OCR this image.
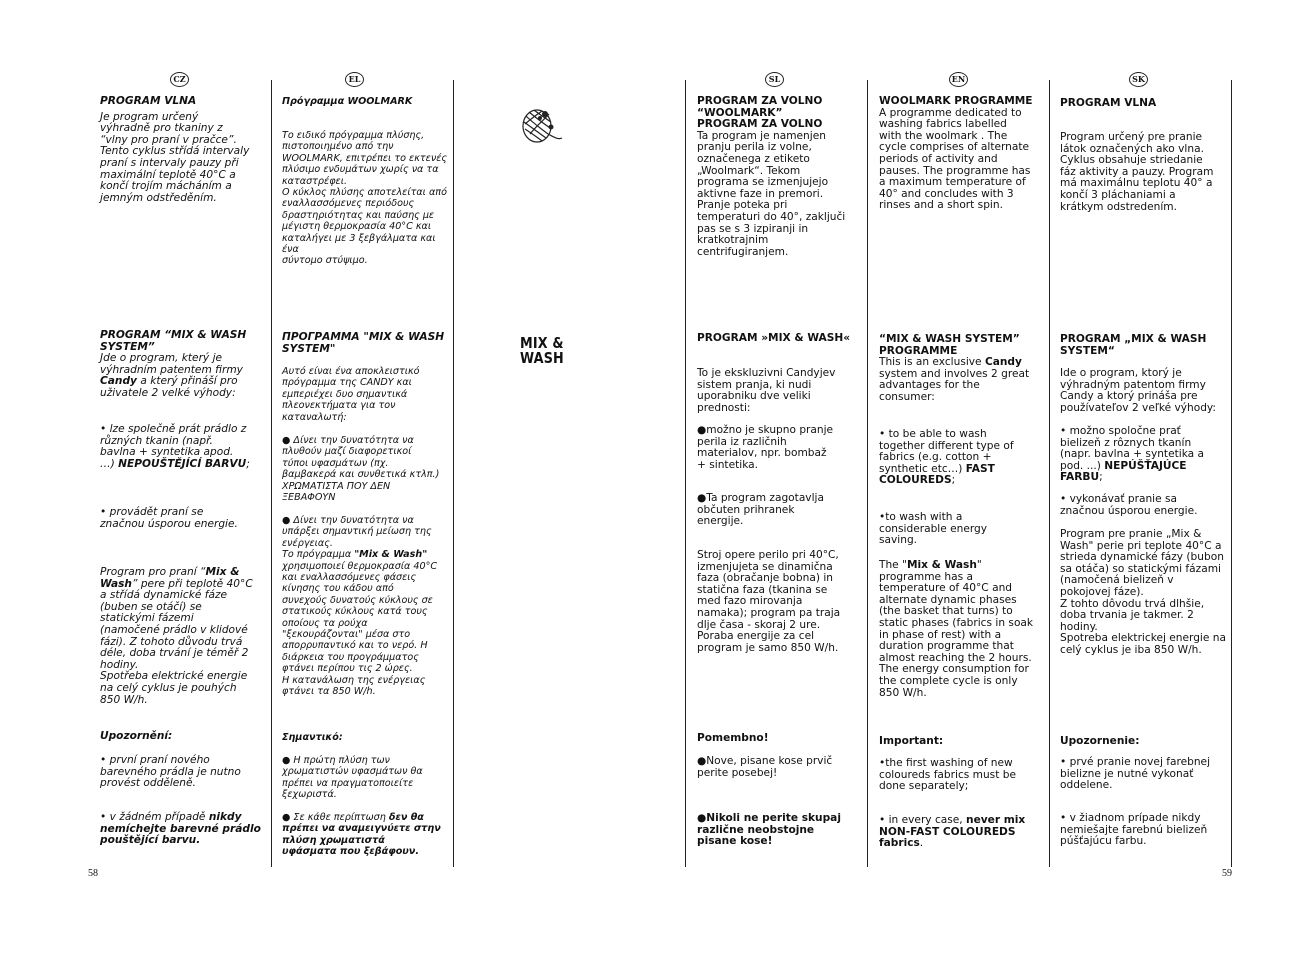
CZ	EL	SL	EN	SK
MIX &
WASH

PROGRAM VLNA

Je program určený
výhradně pro tkaniny z
“vlny pro praní v pračce”.
Tento cyklus střídá intervaly
praní s intervaly pauzy při
maximální teplotě 40°C a
končí trojím mácháním a
jemným odstředěním.

PROGRAM “MIX & WASH
SYSTEM”

Jde o program, který je
výhradním patentem firmy Candy a který přináší pro
uživatele 2 velké výhody:

• lze společně prát prádlo z
různých tkanin (např.
bavlna + syntetika apod.
…) NEPOUŠTĚJÍCÍ BARVU;

• provádět praní se
značnou úsporou energie.

Program pro praní “Mix &
Wash” pere při teplotě 40°C
a střídá dynamické fáze
(buben se otáčí) se
statickými fázemi
(namočené prádlo v klidové
fázi). Z tohoto důvodu trvá
déle, doba trvání je téměř 2
hodiny.
Spotřeba elektrické energie
na celý cyklus je pouhých
850 W/h.

Upozornění:

• první praní nového
barevného prádla je nutno
provést odděleně.

• v žádném případě nikdy
nemíchejte barevné prádlo
pouštějící barvu.

Πρόγραμμα WOOLMARK

Το ειδικό πρόγραμμα πλύσης,
πιστοποιημένο από την
WOOLMARK, επιτρέπει το εκτενές
πλύσιμο ενδυμάτων χωρίς να τα
καταστρέφει.
O κύκλος πλύσης αποτελείται από
εναλλασσόμενες περιόδους
δραστηριότητας και παύσης με
μέγιστη θερμοκρασία 40°C και
καταλήγει με 3 ξεβγάλματα και ένα
σύντομο στύψιμο.

ΠΡΟΓΡΑΜΜΑ "MIX & WASH
SYSTEM"

Αυτό είναι ένα αποκλειστικό
πρόγραμμα της CANDY και
εμπεριέχει δυο σημαντικά
πλεονεκτήματα για τον
καταναλωτή:

● Δίνει την δυνατότητα να
πλυθούν μαζί διαφορετικοί
τύποι υφασμάτων (πχ.
βαμβακερά και συνθετικά κτλπ.)
ΧΡΩΜΑΤΙΣΤΑ ΠΟΥ ΔΕΝ
ΞΕΒΑΦΟΥΝ

● Δίνει την δυνατότητα να
υπάρξει σημαντική μείωση της
ενέργειας.

Το πρόγραμμα "Mix & Wash"
χρησιμοποιεί θερμοκρασία 40°C
και εναλλασσόμενες φάσεις
κίνησης του κάδου από
συνεχούς δυνατούς κύκλους σε
στατικούς κύκλους κατά τους
οποίους τα ρούχα
"ξεκουράζονται" μέσα στο
απορρυπαντικό και το νερό. Η
διάρκεια του προγράμματος
φτάνει περίπου τις 2 ώρες.
Η κατανάλωση της ενέργειας
φτάνει τα 850 W/h.

Σημαντικό:

● Η πρώτη πλύση των
χρωματιστών υφασμάτων θα
πρέπει να πραγματοποιείτε
ξεχωριστά.

● Σε κάθε περίπτωση δεν θα
πρέπει να αναμειγνύετε στην
πλύση χρωματιστά
υφάσματα που ξεβάφουν.

PROGRAM ZA VOLNO
“WOOLMARK”
PROGRAM ZA VOLNO

Ta program je namenjen
pranju perila iz volne,
označenega z etiketo
„Woolmark“. Tekom
programa se izmenjujejo
aktivne faze in premori.
Pranje poteka pri
temperaturi do 40°, zaključi
pas se s 3 izpiranji in
kratkotrajnim
centrifugiranjem.

PROGRAM »MIX & WASH«

To je ekskluzivni Candyjev
sistem pranja, ki nudi
uporabniku dve veliki
prednosti:

●možno je skupno pranje
perila iz različnih
materialov, npr. bombaž
+ sintetika.

●Ta program zagotavlja
občuten prihranek
energije.

Stroj opere perilo pri 40°C,
izmenjujeta se dinamična
faza (obračanje bobna) in
statična faza (tkanina se
med fazo mirovanja
namaka); program pa traja
dlje časa - skoraj 2 ure.
Poraba energije za cel
program je samo 850 W/h.

Pomembno!

●Nove, pisane kose prvič
perite posebej!

●Nikoli ne perite skupaj
različne neobstojne
pisane kose!

WOOLMARK PROGRAMME

A programme dedicated to
washing fabrics labelled
with the woolmark . The
cycle comprises of alternate
periods of activity and
pauses. The programme has
a maximum temperature of
40° and concludes with 3
rinses and a short spin.

“MIX & WASH SYSTEM”
PROGRAMME

This is an exclusive Candy
system and involves 2 great
advantages for the
consumer:

• to be able to wash
together different type of
fabrics (e.g. cotton +
synthetic etc…) FAST
COLOUREDS;

•to wash with a
considerable energy
saving.

The "Mix & Wash"
programme has a
temperature of 40°C and
alternate dynamic phases
(the basket that turns) to
static phases (fabrics in soak
in phase of rest) with a
duration programme that
almost reaching the 2 hours.
The energy consumption for
the complete cycle is only
850 W/h.

Important:

•the first washing of new
coloureds fabrics must be
done separately;

• in every case, never mix
NON-FAST COLOUREDS
fabrics.

PROGRAM VLNA

Program určený pre pranie
látok označených ako vlna.
Cyklus obsahuje striedanie
fáz aktivity a pauzy. Program
má maximálnu teplotu 40° a
končí 3 pláchaniami a
krátkym odstredením.

PROGRAM „MIX & WASH
SYSTEM“

Ide o program, ktorý je
výhradným patentom firmy
Candy a ktorý prináša pre
používateľov 2 veľké výhody:

• možno spoločne prať
bielizeň z rôznych tkanín
(napr. bavlna + syntetika a
pod. ...) NEPÚŠŤAJÚCE
FARBU;

• vykonávať pranie sa
značnou úsporou energie.

Program pre pranie „Mix &
Wash" perie pri teplote 40°C a
strieda dynamické fázy (bubon
sa otáča) so statickými fázami
(namočená bielizeň v
pokojovej fáze).
Z tohto dôvodu trvá dlhšie,
doba trvania je takmer. 2
hodiny.
Spotreba elektrickej energie na
celý cyklus je iba 850 W/h.

Upozornenie:

• prvé pranie novej farebnej
bielizne je nutné vykonať
oddelene.

• v žiadnom prípade nikdy
nemiešajte farebnú bielizeň
púšťajúcu farbu.

58	59
